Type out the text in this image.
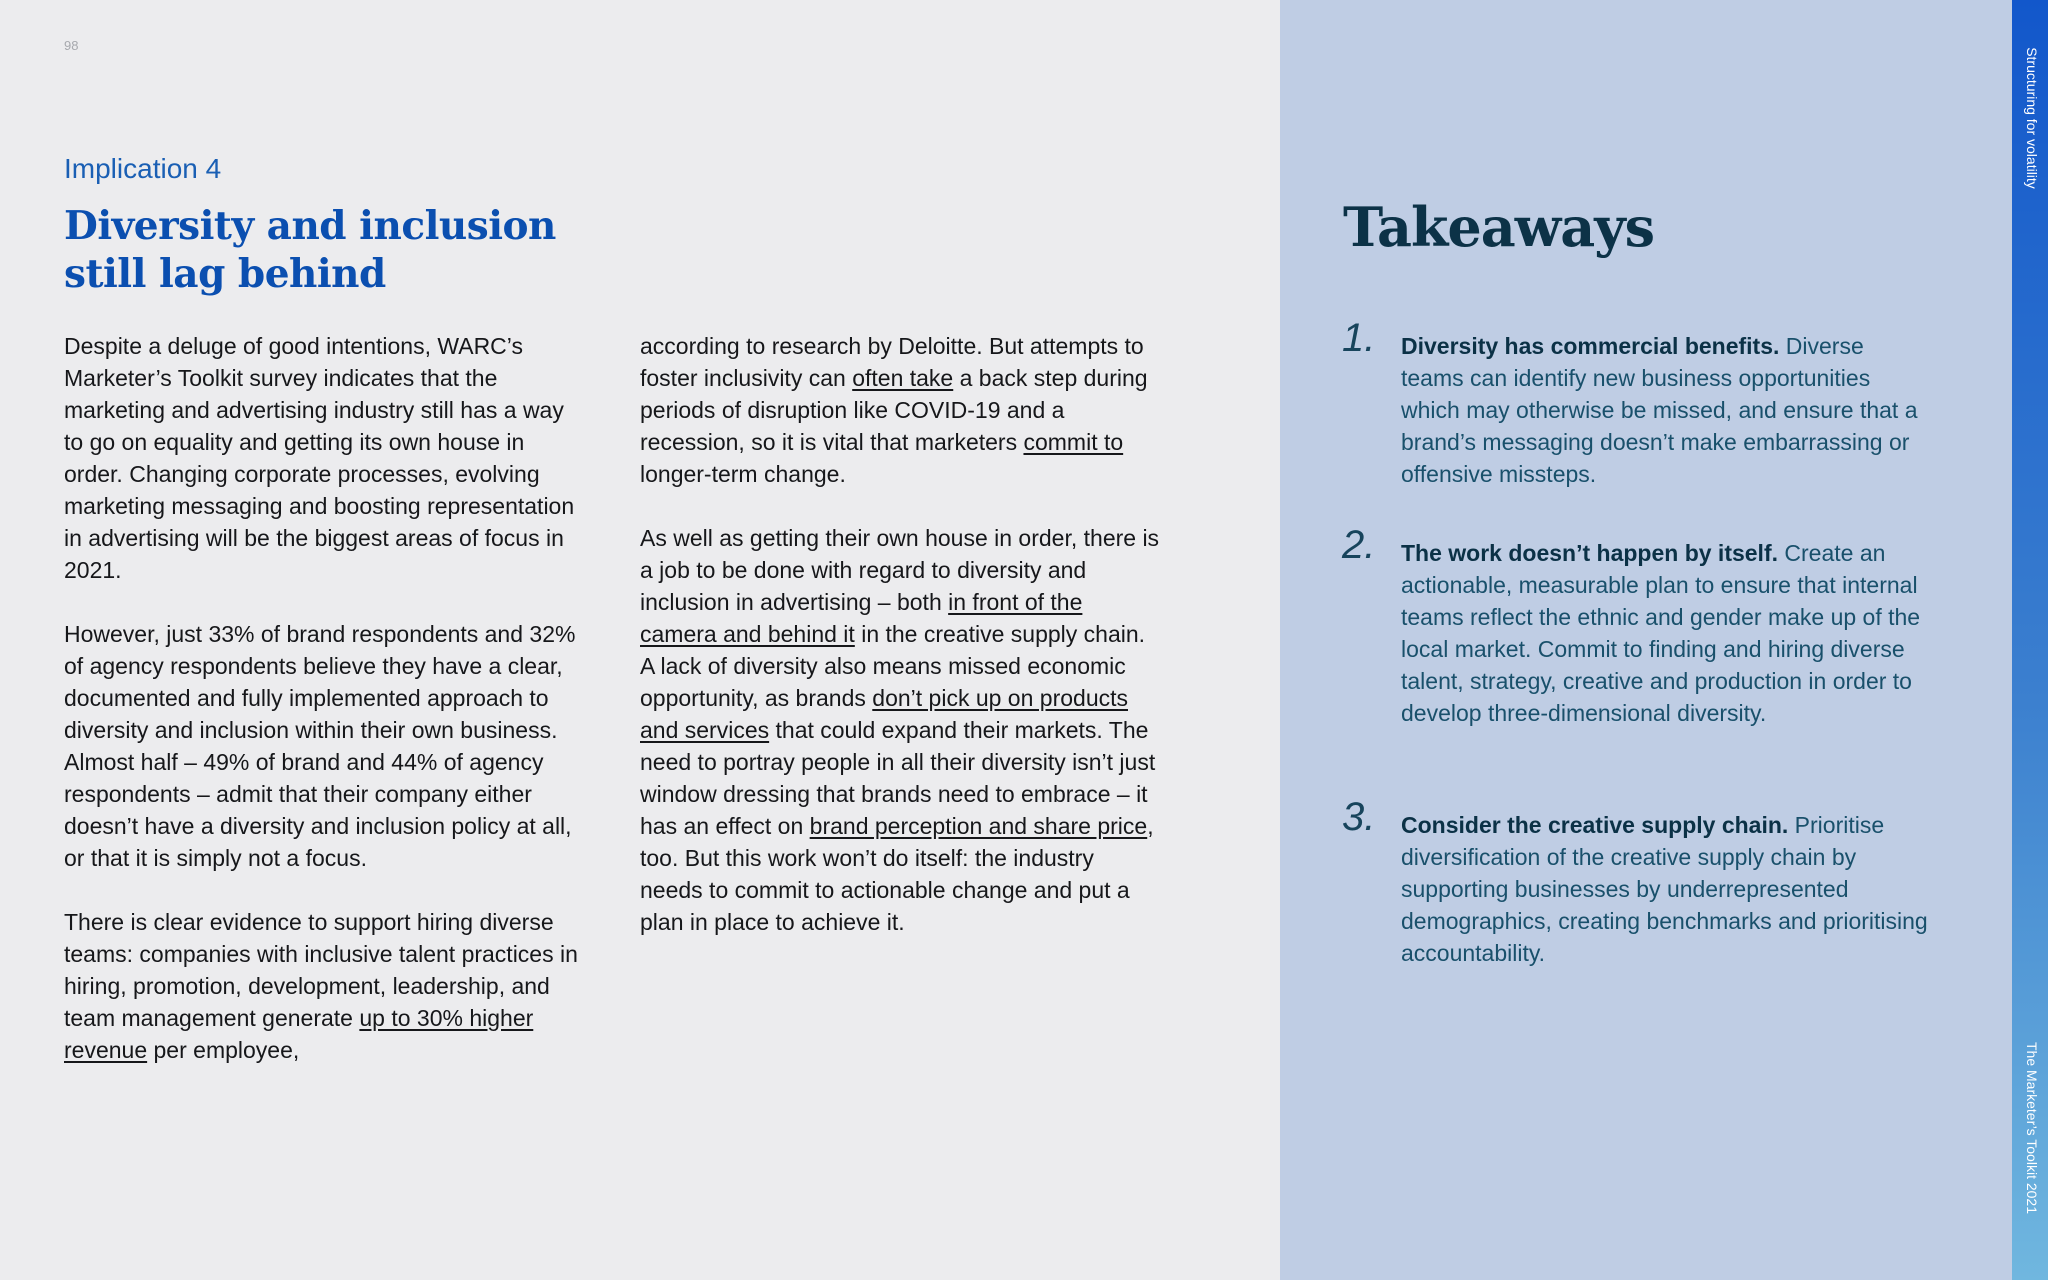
98
Implication 4
Diversity and inclusion
still lag behind

Despite a deluge of good intentions, WARC’s Marketer’s Toolkit survey indicates that the marketing and advertising industry still has a way to go on equality and getting its own house in order. Changing corporate processes, evolving marketing messaging and boosting representation in advertising will be the biggest areas of focus in 2021.

However, just 33% of brand respondents and 32% of agency respondents believe they have a clear, documented and fully implemented approach to diversity and inclusion within their own business. Almost half – 49% of brand and 44% of agency respondents – admit that their company either doesn’t have a diversity and inclusion policy at all, or that it is simply not a focus.

There is clear evidence to support hiring diverse teams: companies with inclusive talent practices in hiring, promotion, development, leadership, and team management generate up to 30% higher revenue per employee,

according to research by Deloitte. But attempts to foster inclusivity can often take a back step during periods of disruption like COVID-19 and a recession, so it is vital that marketers commit to longer-term change.

As well as getting their own house in order, there is a job to be done with regard to diversity and inclusion in advertising – both in front of the camera and behind it in the creative supply chain. A lack of diversity also means missed economic opportunity, as brands don’t pick up on products and services that could expand their markets. The need to portray people in all their diversity isn’t just window dressing that brands need to embrace – it has an effect on brand perception and share price, too. But this work won’t do itself: the industry needs to commit to actionable change and put a plan in place to achieve it.

Takeaways
1. Diversity has commercial benefits. Diverse teams can identify new business opportunities which may otherwise be missed, and ensure that a brand’s messaging doesn’t make embarrassing or offensive missteps.
2. The work doesn’t happen by itself. Create an actionable, measurable plan to ensure that internal teams reflect the ethnic and gender make up of the local market. Commit to finding and hiring diverse talent, strategy, creative and production in order to develop three-dimensional diversity.
3. Consider the creative supply chain. Prioritise diversification of the creative supply chain by supporting businesses by underrepresented demographics, creating benchmarks and prioritising accountability.
Structuring for volatility
The Marketer’s Toolkit 2021
